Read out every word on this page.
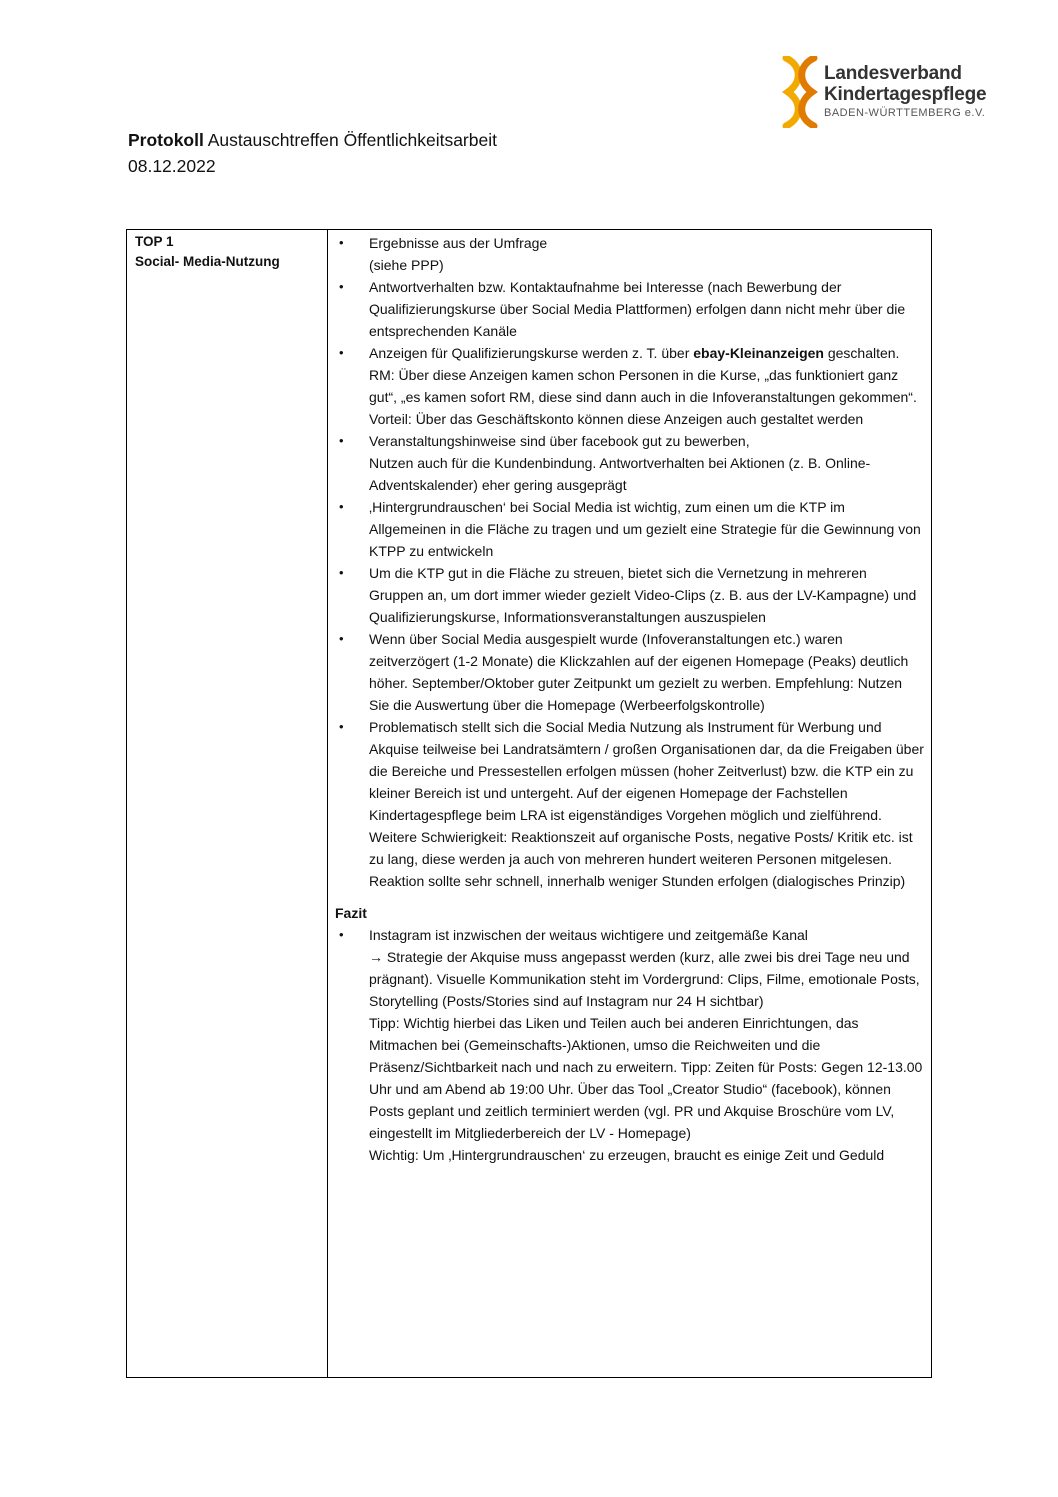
Landesverband
Kindertagespflege
BADEN-WÜRTTEMBERG e.V.
Protokoll Austauschtreffen Öffentlichkeitsarbeit
08.12.2022
TOP 1
Social- Media-Nutzung
• Ergebnisse aus der Umfrage
(siehe PPP)
• Antwortverhalten bzw. Kontaktaufnahme bei Interesse (nach Bewerbung der Qualifizierungskurse über Social Media Plattformen) erfolgen dann nicht mehr über die entsprechenden Kanäle
• Anzeigen für Qualifizierungskurse werden z. T. über ebay-Kleinanzeigen geschalten. RM: Über diese Anzeigen kamen schon Personen in die Kurse, „das funktioniert ganz gut“, „es kamen sofort RM, diese sind dann auch in die Infoveranstaltungen gekommen“. Vorteil: Über das Geschäftskonto können diese Anzeigen auch gestaltet werden
• Veranstaltungshinweise sind über facebook gut zu bewerben,
Nutzen auch für die Kundenbindung. Antwortverhalten bei Aktionen (z. B. Online-Adventskalender) eher gering ausgeprägt
• ‚Hintergrundrauschen‘ bei Social Media ist wichtig, zum einen um die KTP im Allgemeinen in die Fläche zu tragen und um gezielt eine Strategie für die Gewinnung von KTPP zu entwickeln
• Um die KTP gut in die Fläche zu streuen, bietet sich die Vernetzung in mehreren Gruppen an, um dort immer wieder gezielt Video-Clips (z. B. aus der LV-Kampagne) und Qualifizierungskurse, Informationsveranstaltungen auszuspielen
• Wenn über Social Media ausgespielt wurde (Infoveranstaltungen etc.) waren zeitverzögert (1-2 Monate) die Klickzahlen auf der eigenen Homepage (Peaks) deutlich höher. September/Oktober guter Zeitpunkt um gezielt zu werben. Empfehlung: Nutzen Sie die Auswertung über die Homepage (Werbeerfolgskontrolle)
• Problematisch stellt sich die Social Media Nutzung als Instrument für Werbung und Akquise teilweise bei Landratsämtern / großen Organisationen dar, da die Freigaben über die Bereiche und Pressestellen erfolgen müssen (hoher Zeitverlust) bzw. die KTP ein zu kleiner Bereich ist und untergeht. Auf der eigenen Homepage der Fachstellen Kindertagespflege beim LRA ist eigenständiges Vorgehen möglich und zielführend. Weitere Schwierigkeit: Reaktionszeit auf organische Posts, negative Posts/ Kritik etc. ist zu lang, diese werden ja auch von mehreren hundert weiteren Personen mitgelesen. Reaktion sollte sehr schnell, innerhalb weniger Stunden erfolgen (dialogisches Prinzip)
Fazit
• Instagram ist inzwischen der weitaus wichtigere und zeitgemäße Kanal
→ Strategie der Akquise muss angepasst werden (kurz, alle zwei bis drei Tage neu und prägnant). Visuelle Kommunikation steht im Vordergrund: Clips, Filme, emotionale Posts, Storytelling (Posts/Stories sind auf Instagram nur 24 H sichtbar)
Tipp: Wichtig hierbei das Liken und Teilen auch bei anderen Einrichtungen, das Mitmachen bei (Gemeinschafts-)Aktionen, umso die Reichweiten und die Präsenz/Sichtbarkeit nach und nach zu erweitern. Tipp: Zeiten für Posts: Gegen 12-13.00 Uhr und am Abend ab 19:00 Uhr. Über das Tool „Creator Studio“ (facebook), können Posts geplant und zeitlich terminiert werden (vgl. PR und Akquise Broschüre vom LV, eingestellt im Mitgliederbereich der LV - Homepage)
Wichtig: Um ‚Hintergrundrauschen‘ zu erzeugen, braucht es einige Zeit und Geduld
